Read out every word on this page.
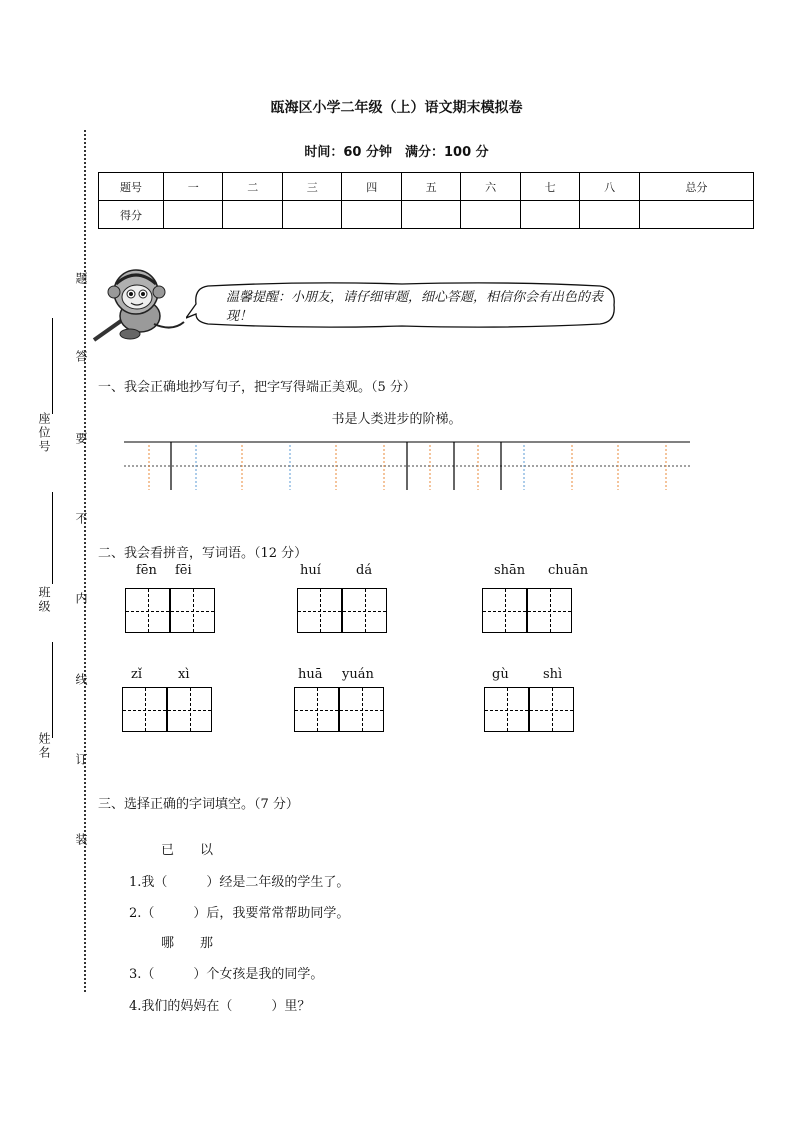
瓯海区小学二年级（上）语文期末模拟卷
时间：60 分钟　满分：100 分
题号	一	二	三	四	五	六	七	八	总分
得分									
题
答
要
不
内
线
订
装
座位号
班级
姓名
温馨提醒：小朋友，请仔细审题，细心答题，相信你会有出色的表现！
一、我会正确地抄写句子，把字写得端正美观。（5 分）
书是人类进步的阶梯。
二、我会看拼音，写词语。（12 分）
fēn fēi	huí	dá	shān chuān
zǐ	xì	huā yuán	gù	shì
三、选择正确的字词填空。（7 分）
已　　以
1.我（　　　）经是二年级的学生了。
2.（　　　）后，我要常常帮助同学。
哪　　那
3.（　　　）个女孩是我的同学。
4.我们的妈妈在（　　　）里？
